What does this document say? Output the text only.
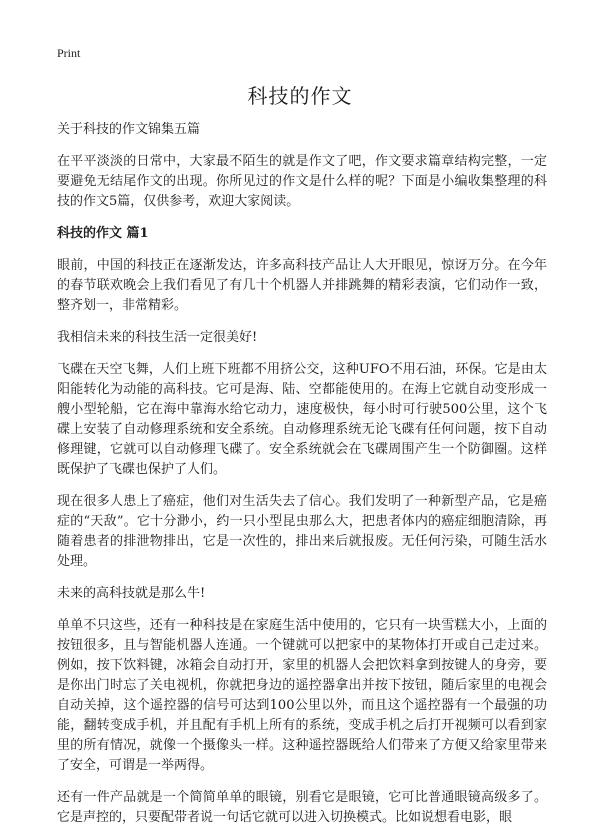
Print
科技的作文

关于科技的作文锦集五篇

在平平淡淡的日常中，大家最不陌生的就是作文了吧，作文要求篇章结构完整，一定要避免无结尾作文的出现。你所见过的作文是什么样的呢？下面是小编收集整理的科技的作文5篇，仅供参考，欢迎大家阅读。

科技的作文 篇1

眼前，中国的科技正在逐渐发达，许多高科技产品让人大开眼见，惊讶万分。在今年的春节联欢晚会上我们看见了有几十个机器人并排跳舞的精彩表演，它们动作一致，整齐划一，非常精彩。

我相信未来的科技生活一定很美好!

飞碟在天空飞舞，人们上班下班都不用挤公交，这种UFO不用石油，环保。它是由太阳能转化为动能的高科技。它可是海、陆、空都能使用的。在海上它就自动变形成一艘小型轮船，它在海中靠海水给它动力，速度极快，每小时可行驶500公里，这个飞碟上安装了自动修理系统和安全系统。自动修理系统无论飞碟有任何问题，按下自动修理键，它就可以自动修理飞碟了。安全系统就会在飞碟周围产生一个防御圈。这样既保护了飞碟也保护了人们。

现在很多人患上了癌症，他们对生活失去了信心。我们发明了一种新型产品，它是癌症的“天敌”。它十分渺小，约一只小型昆虫那么大，把患者体内的癌症细胞清除，再随着患者的排泄物排出，它是一次性的，排出来后就报废。无任何污染，可随生活水处理。

未来的高科技就是那么牛!

单单不只这些，还有一种科技是在家庭生活中使用的，它只有一块雪糕大小，上面的按钮很多，且与智能机器人连通。一个键就可以把家中的某物体打开或自己走过来。例如，按下饮料键，冰箱会自动打开，家里的机器人会把饮料拿到按键人的身旁，要是你出门时忘了关电视机，你就把身边的遥控器拿出并按下按钮，随后家里的电视会自动关掉，这个遥控器的信号可达到100公里以外，而且这个遥控器有一个最强的功能，翻转变成手机，并且配有手机上所有的系统，变成手机之后打开视频可以看到家里的所有情况，就像一个摄像头一样。这种遥控器既给人们带来了方便又给家里带来了安全，可谓是一举两得。

还有一件产品就是一个简简单单的眼镜，别看它是眼镜，它可比普通眼镜高级多了。它是声控的，只要配带者说一句话它就可以进入切换模式。比如说想看电影，眼
